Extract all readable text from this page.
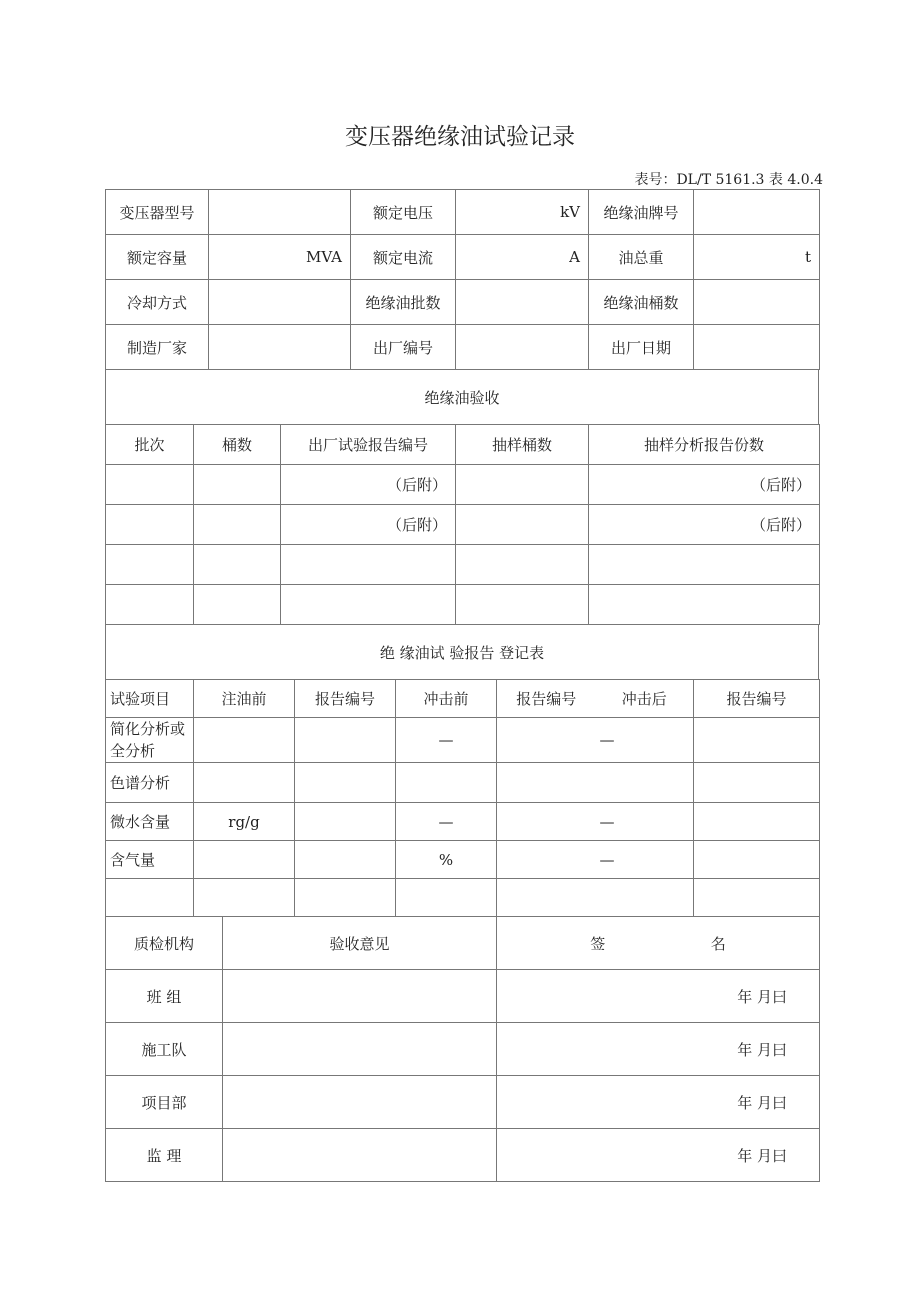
变压器绝缘油试验记录
表号：DL/T 5161.3 表 4.0.4
变压器型号		额定电压	kV	绝缘油牌号	
额定容量	MVA	额定电流	A	油总重	t
冷却方式		绝缘油批数		绝缘油桶数	
制造厂家		出厂编号		出厂日期	
绝缘油验收
批次	桶数	出厂试验报告编号	抽样桶数	抽样分析报告份数
		（后附）		（后附）
		（后附）		（后附）

绝 缘油试 验报告 登记表
试验项目	注油前	报告编号	冲击前	报告编号	冲击后	报告编号
简化分析或全分析			—		—	
色谱分析						
微水含量	rg/g		—		—	
含气量			%		—	

质检机构	验收意见	签 名
班 组		年 月曰
施工队		年 月曰
项目部		年 月曰
监 理		年 月曰
